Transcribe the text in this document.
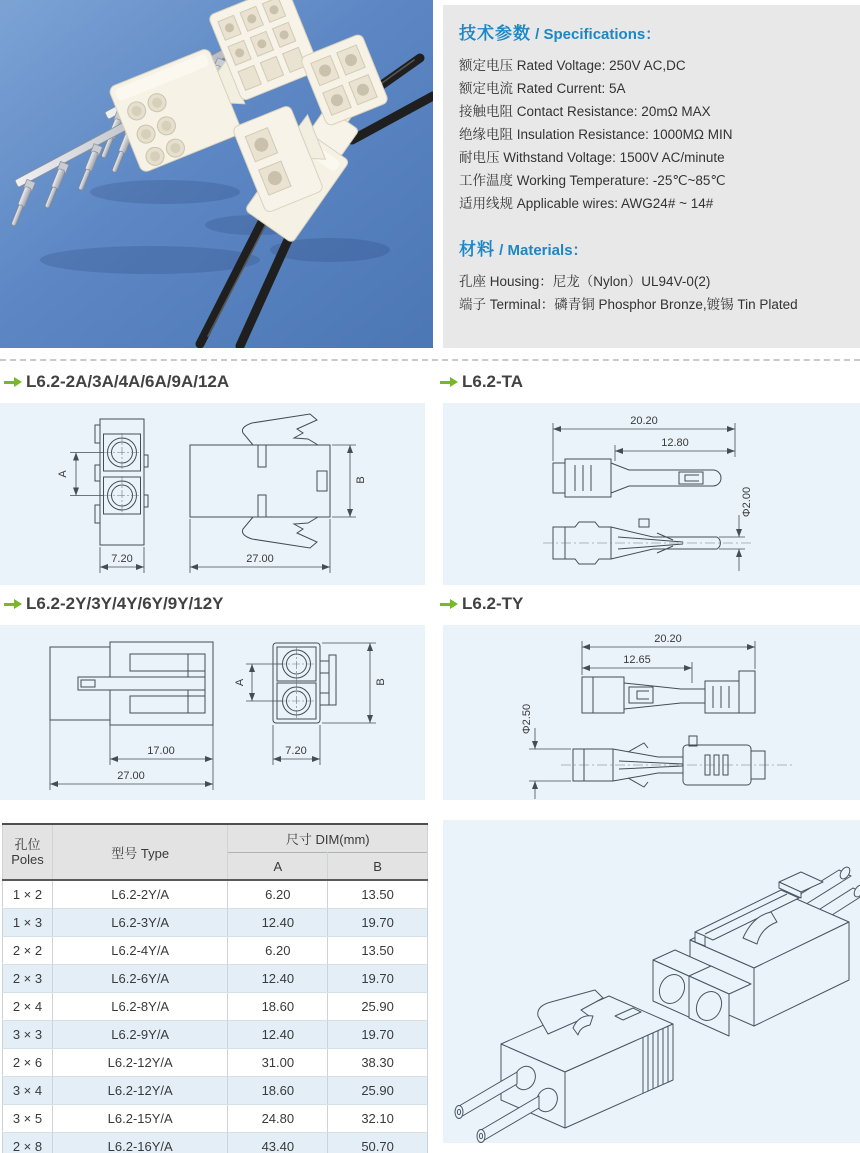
技术参数 / Specifications：
额定电压 Rated Voltage: 250V AC,DC
额定电流 Rated Current: 5A
接触电阻 Contact Resistance: 20mΩ MAX
绝缘电阻 Insulation Resistance: 1000MΩ MIN
耐电压 Withstand Voltage: 1500V AC/minute
工作温度 Working Temperature: -25℃~85℃
适用线规 Applicable wires: AWG24# ~ 14#
材料 / Materials：
孔座 Housing：尼龙（Nylon）UL94V-0(2)
端子 Terminal：磷青铜 Phosphor Bronze,镀锡 Tin Plated
L6.2-2A/3A/4A/6A/9A/12A	L6.2-TA
L6.2-2Y/3Y/4Y/6Y/9Y/12Y	L6.2-TY
A
7.20	27.00
B
20.20
12.80
Φ2.00
17.00
27.00
A	B
7.20
20.20
12.65
Φ2.50
孔位
Poles	型号 Type	尺寸 DIM(mm)	
		A	B
1 × 2	L6.2-2Y/A	6.20	13.50
1 × 3	L6.2-3Y/A	12.40	19.70
2 × 2	L6.2-4Y/A	6.20	13.50
2 × 3	L6.2-6Y/A	12.40	19.70
2 × 4	L6.2-8Y/A	18.60	25.90
3 × 3	L6.2-9Y/A	12.40	19.70
2 × 6	L6.2-12Y/A	31.00	38.30
3 × 4	L6.2-12Y/A	18.60	25.90
3 × 5	L6.2-15Y/A	24.80	32.10
2 × 8	L6.2-16Y/A	43.40	50.70
